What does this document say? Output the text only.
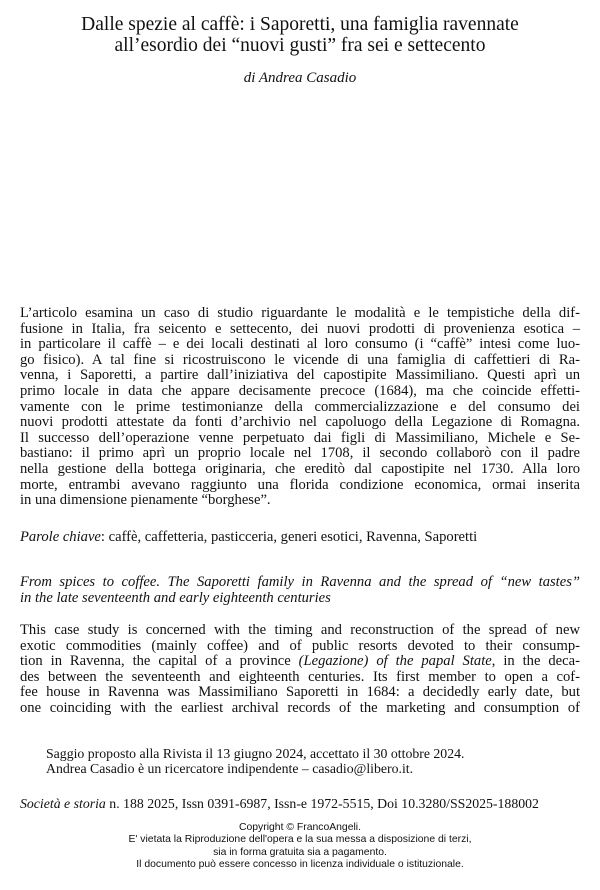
Dalle spezie al caffè: i Saporetti, una famiglia ravennate
all’esordio dei “nuovi gusti” fra sei e settecento
di Andrea Casadio
L’articolo esamina un caso di studio riguardante le modalità e le tempistiche della dif-
fusione in Italia, fra seicento e settecento, dei nuovi prodotti di provenienza esotica –
in particolare il caffè – e dei locali destinati al loro consumo (i “caffè” intesi come luo-
go fisico). A tal fine si ricostruiscono le vicende di una famiglia di caffettieri di Ra-
venna, i Saporetti, a partire dall’iniziativa del capostipite Massimiliano. Questi aprì un
primo locale in data che appare decisamente precoce (1684), ma che coincide effetti-
vamente con le prime testimonianze della commercializzazione e del consumo dei
nuovi prodotti attestate da fonti d’archivio nel capoluogo della Legazione di Romagna.
Il successo dell’operazione venne perpetuato dai figli di Massimiliano, Michele e Se-
bastiano: il primo aprì un proprio locale nel 1708, il secondo collaborò con il padre
nella gestione della bottega originaria, che ereditò dal capostipite nel 1730. Alla loro
morte, entrambi avevano raggiunto una florida condizione economica, ormai inserita
in una dimensione pienamente “borghese”.
Parole chiave: caffè, caffetteria, pasticceria, generi esotici, Ravenna, Saporetti
From spices to coffee. The Saporetti family in Ravenna and the spread of “new tastes”
in the late seventeenth and early eighteenth centuries
This case study is concerned with the timing and reconstruction of the spread of new
exotic commodities (mainly coffee) and of public resorts devoted to their consump-
tion in Ravenna, the capital of a province (Legazione) of the papal State, in the deca-
des between the seventeenth and eighteenth centuries. Its first member to open a cof-
fee house in Ravenna was Massimiliano Saporetti in 1684: a decidedly early date, but
one coinciding with the earliest archival records of the marketing and consumption of
Saggio proposto alla Rivista il 13 giugno 2024, accettato il 30 ottobre 2024.
Andrea Casadio è un ricercatore indipendente – casadio@libero.it.
Società e storia n. 188 2025, Issn 0391-6987, Issn-e 1972-5515, Doi 10.3280/SS2025-188002
Copyright © FrancoAngeli.
E' vietata la Riproduzione dell'opera e la sua messa a disposizione di terzi,
sia in forma gratuita sia a pagamento.
Il documento può essere concesso in licenza individuale o istituzionale.
